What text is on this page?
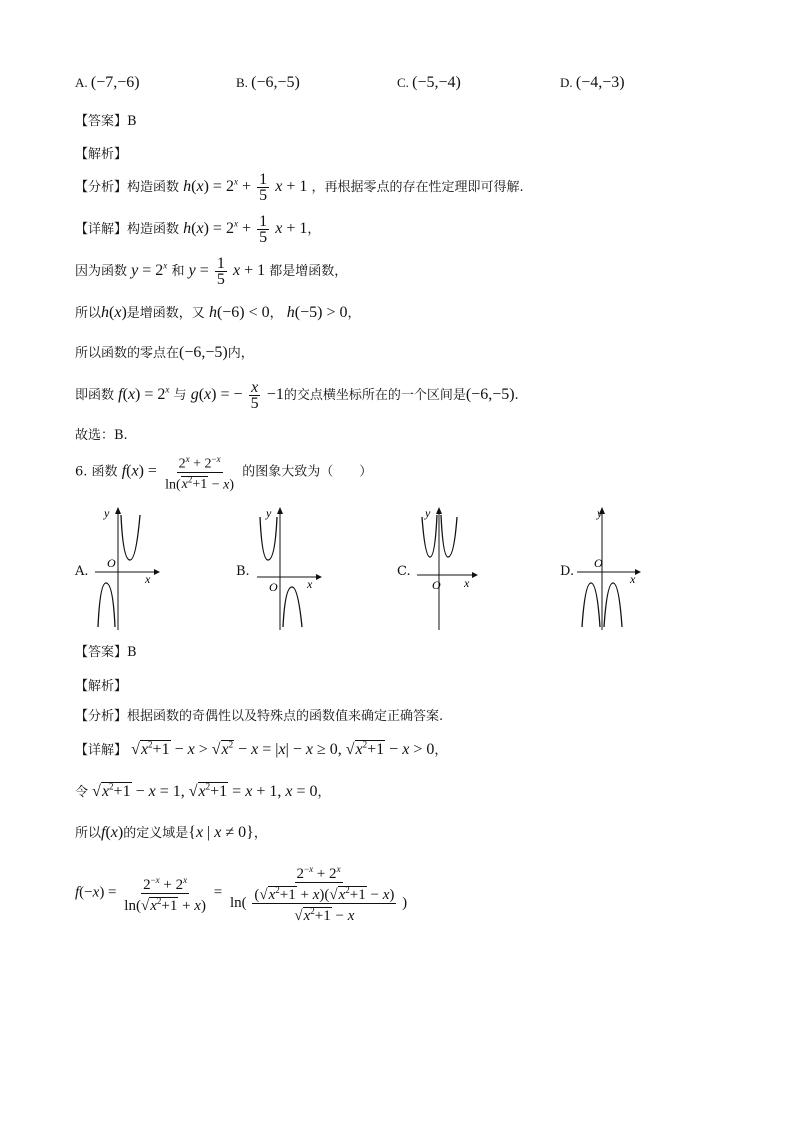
A. (−7,−6)	B. (−6,−5)	C. (−5,−4)	D. (−4,−3)
【答案】B
【解析】
【分析】构造函数 $h(x) = 2^x + \frac{1}{5}$ x + 1 ，再根据零点的存在性定理即可得解.
【详解】构造函数 $h(x) = 2^x + \frac{1}{5}$ x + 1，
因为函数 $y = 2^x$ 和 $y = \frac{1}{5}$ x + 1 都是增函数，
所以h(x)是增函数，又 h(−6) < 0， h(−5) > 0，
所以函数的零点在(−6,−5)内，
即函数 $f(x) = 2^x$ 与 g(x) = − $\frac{x}{5} -1$的交点横坐标所在的一个区间是(−6,−5).
故选：B.
6. 函数 $f(x) = \frac{2^x + 2^{-x}}{\ln(x^2+1 - x)}$ 的图象大致为（　　）
A.
y
x
O
B.
y
x
O
C.
y
x
O
D.
y
x
O
【答案】B
【解析】
【分析】根据函数的奇偶性以及特殊点的函数值来确定正确答案.
【详解】 $√x^2+1 - x > √x^2 - x = |x| - x \ge 0$, $√x^2+1 - x > 0$，
令 $√x^2+1 - x = 1$, $√x^2+1 = x + 1$, x = 0，
所以f(x)的定义域是{x | x ≠ 0}，
$f(-x) = \frac{2^{-x} + 2^x}{\ln(√x^2+1 + x)} = \frac{2^{-x} + 2^x}{\ln( \frac{(√x^2+1 + x)(√x^2+1 - x)}{√x^2+1 - x} )}$
